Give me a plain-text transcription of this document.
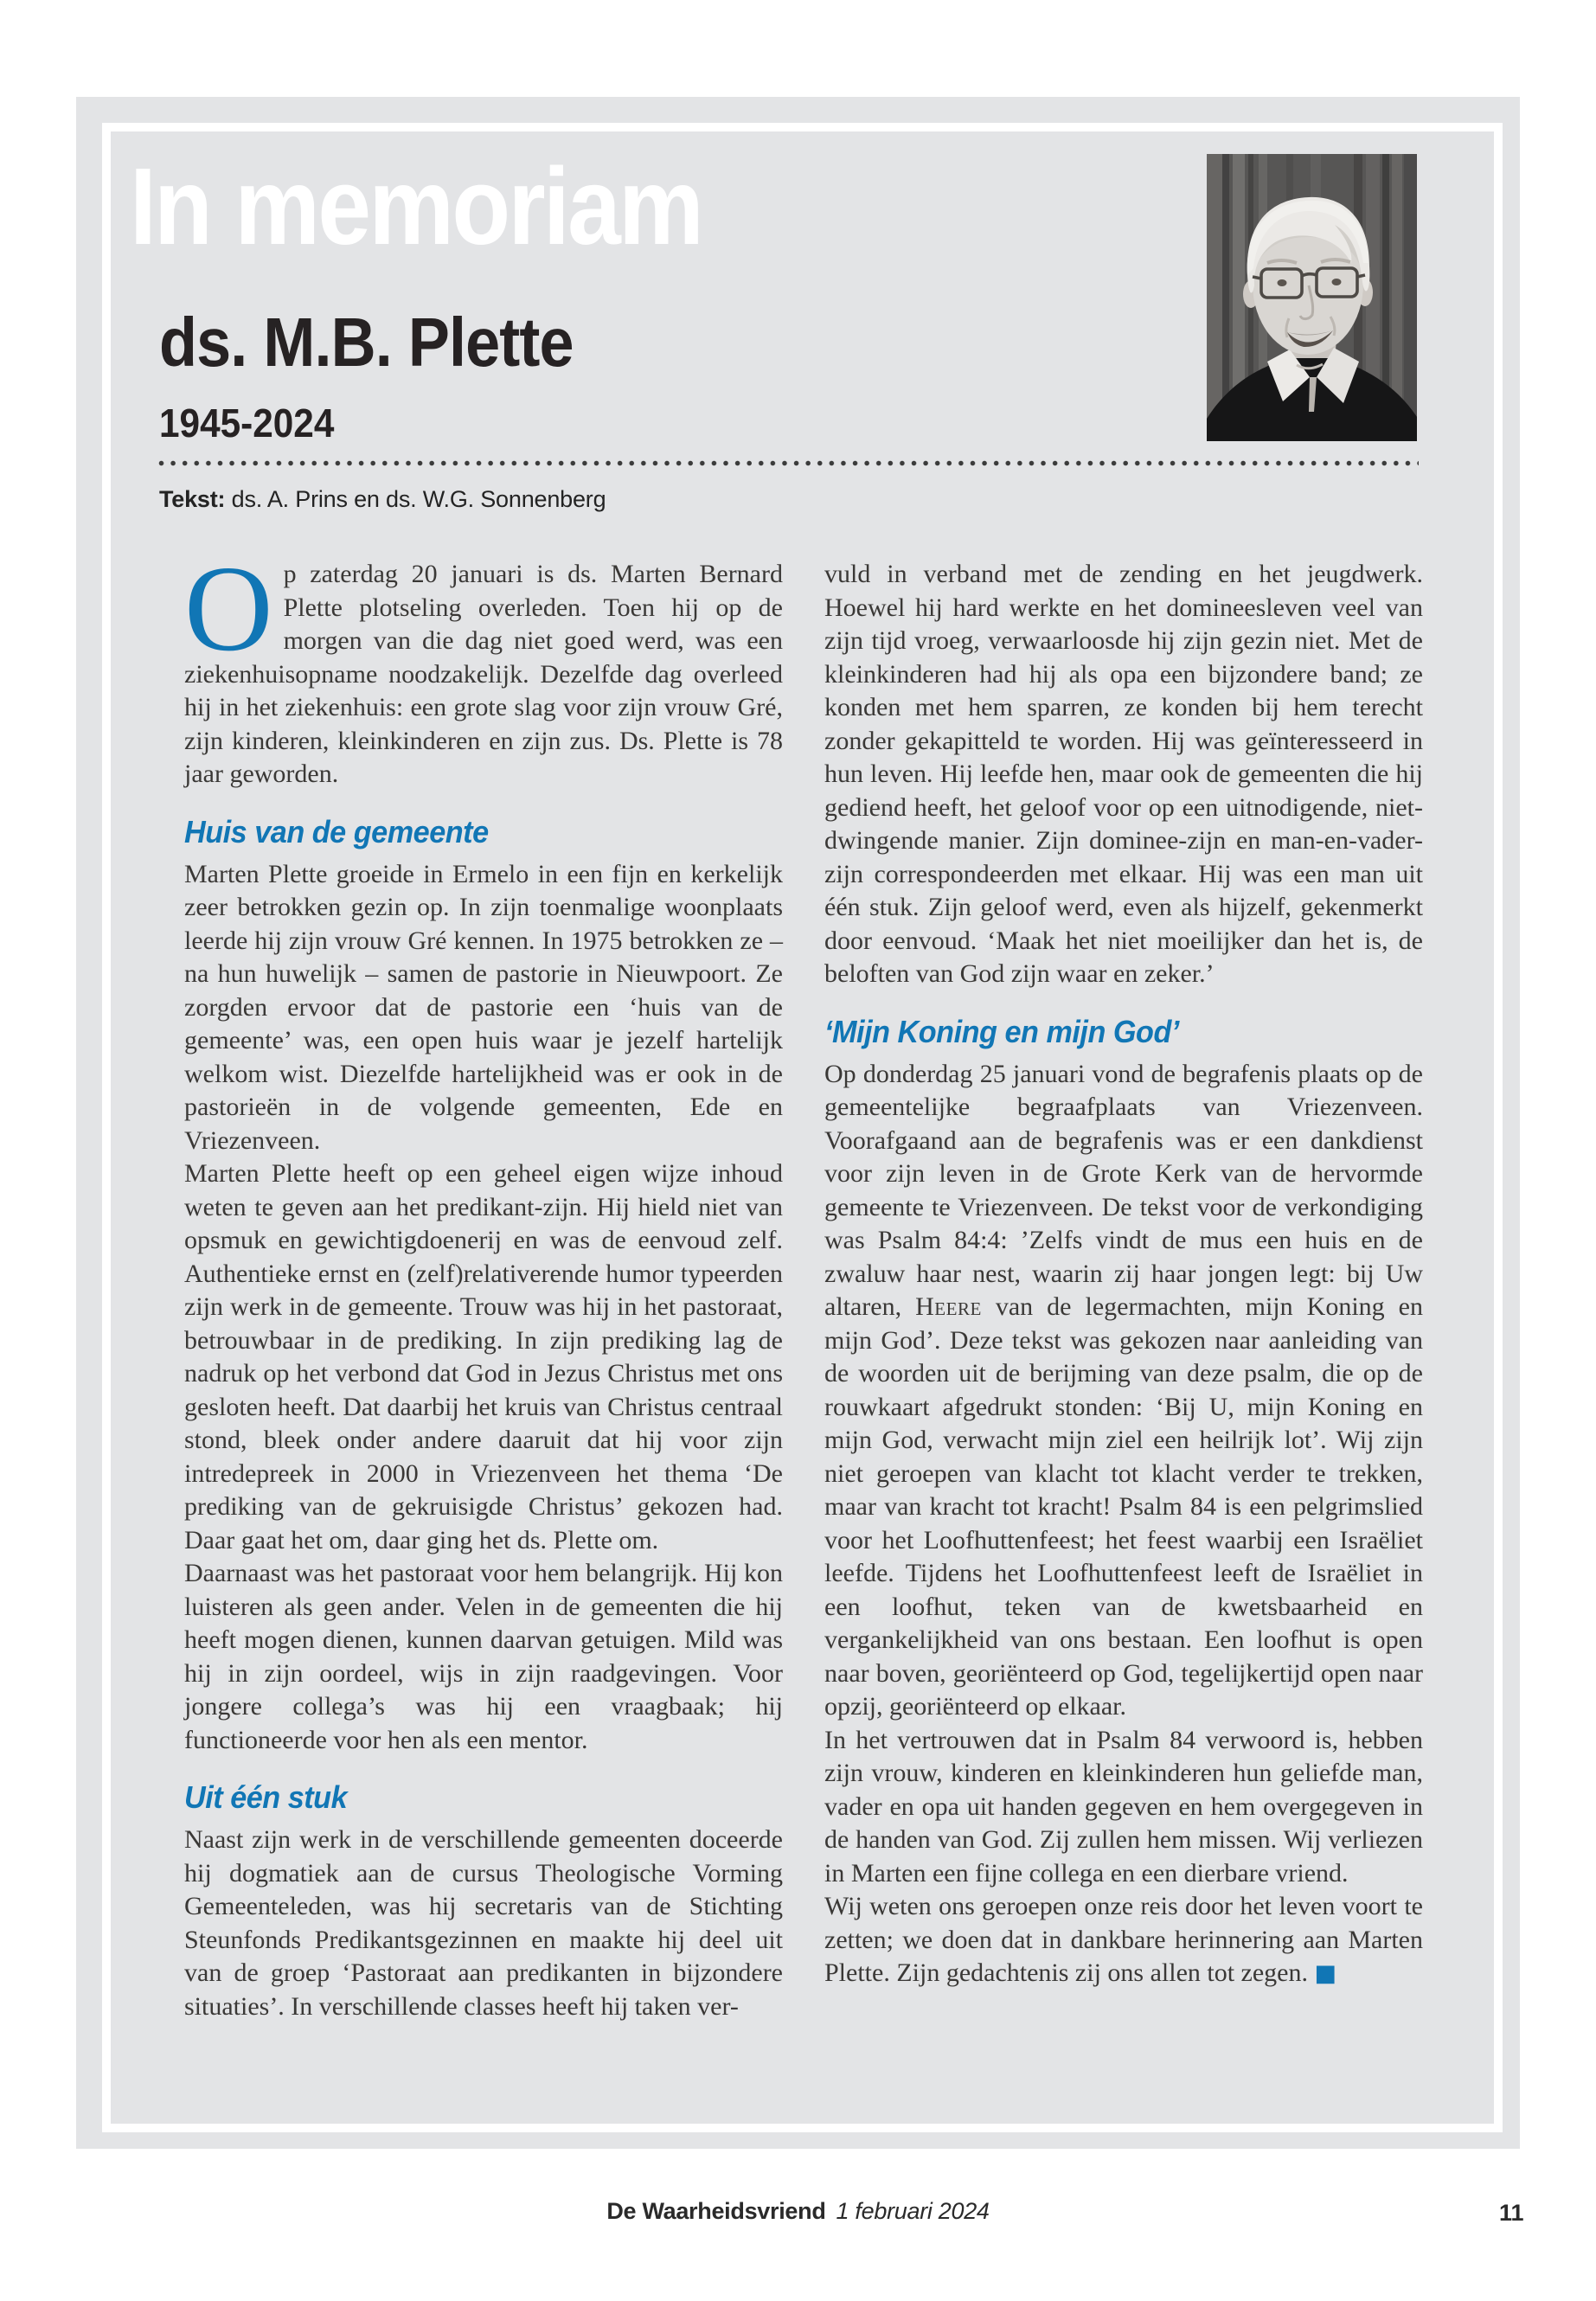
In memoriam
ds. M.B. Plette
1945-2024
Tekst: ds. A. Prins en ds. W.G. Sonnenberg

Op zaterdag 20 januari is ds. Marten Bernard Plette plotseling overleden. Toen hij op de morgen van die dag niet goed werd, was een ziekenhuisopname noodzakelijk. Dezelfde dag overleed hij in het ziekenhuis: een grote slag voor zijn vrouw Gré, zijn kinderen, kleinkinderen en zijn zus. Ds. Plette is 78 jaar geworden.

Huis van de gemeente

Marten Plette groeide in Ermelo in een fijn en kerkelijk zeer betrokken gezin op. In zijn toenmalige woonplaats leerde hij zijn vrouw Gré kennen. In 1975 betrokken ze – na hun huwelijk – samen de pastorie in Nieuwpoort. Ze zorgden ervoor dat de pastorie een ‘huis van de gemeente’ was, een open huis waar je jezelf hartelijk welkom wist. Diezelfde hartelijkheid was er ook in de pastorieën in de volgende gemeenten, Ede en Vriezenveen.

Marten Plette heeft op een geheel eigen wijze inhoud weten te geven aan het predikant-zijn. Hij hield niet van opsmuk en gewichtigdoenerij en was de eenvoud zelf. Authentieke ernst en (zelf)relativerende humor typeerden zijn werk in de gemeente. Trouw was hij in het pastoraat, betrouwbaar in de prediking. In zijn prediking lag de nadruk op het verbond dat God in Jezus Christus met ons gesloten heeft. Dat daarbij het kruis van Christus centraal stond, bleek onder andere daaruit dat hij voor zijn intredepreek in 2000 in Vriezenveen het thema ‘De prediking van de gekruisigde Christus’ gekozen had. Daar gaat het om, daar ging het ds. Plette om.

Daarnaast was het pastoraat voor hem belangrijk. Hij kon luisteren als geen ander. Velen in de gemeenten die hij heeft mogen dienen, kunnen daarvan getuigen. Mild was hij in zijn oordeel, wijs in zijn raadgevingen. Voor jongere collega’s was hij een vraagbaak; hij functioneerde voor hen als een mentor.

Uit één stuk

Naast zijn werk in de verschillende gemeenten doceerde hij dogmatiek aan de cursus Theologische Vorming Gemeenteleden, was hij secretaris van de Stichting Steunfonds Predikantsgezinnen en maakte hij deel uit van de groep ‘Pastoraat aan predikanten in bijzondere situaties’. In verschillende classes heeft hij taken ver-

vuld in verband met de zending en het jeugdwerk. Hoewel hij hard werkte en het domineesleven veel van zijn tijd vroeg, verwaarloosde hij zijn gezin niet. Met de kleinkinderen had hij als opa een bijzondere band; ze konden met hem sparren, ze konden bij hem terecht zonder gekapitteld te worden. Hij was geïnteresseerd in hun leven. Hij leefde hen, maar ook de gemeenten die hij gediend heeft, het geloof voor op een uitnodigende, niet-dwingende manier. Zijn dominee-zijn en man-en-vader-zijn correspondeerden met elkaar. Hij was een man uit één stuk. Zijn geloof werd, even als hijzelf, gekenmerkt door eenvoud. ‘Maak het niet moeilijker dan het is, de beloften van God zijn waar en zeker.’

‘Mijn Koning en mijn God’

Op donderdag 25 januari vond de begrafenis plaats op de gemeentelijke begraafplaats van Vriezenveen. Voorafgaand aan de begrafenis was er een dankdienst voor zijn leven in de Grote Kerk van de hervormde gemeente te Vriezenveen. De tekst voor de verkondiging was Psalm 84:4: ’Zelfs vindt de mus een huis en de zwaluw haar nest, waarin zij haar jongen legt: bij Uw altaren, Heere van de legermachten, mijn Koning en mijn God’. Deze tekst was gekozen naar aanleiding van de woorden uit de berijming van deze psalm, die op de rouwkaart afgedrukt stonden: ‘Bij U, mijn Koning en mijn God, verwacht mijn ziel een heilrijk lot’. Wij zijn niet geroepen van klacht tot klacht verder te trekken, maar van kracht tot kracht! Psalm 84 is een pelgrimslied voor het Loofhuttenfeest; het feest waarbij een Israëliet leefde. Tijdens het Loofhuttenfeest leeft de Israëliet in een loofhut, teken van de kwetsbaarheid en vergankelijkheid van ons bestaan. Een loofhut is open naar boven, georiënteerd op God, tegelijkertijd open naar opzij, georiënteerd op elkaar.

In het vertrouwen dat in Psalm 84 verwoord is, hebben zijn vrouw, kinderen en kleinkinderen hun geliefde man, vader en opa uit handen gegeven en hem overgegeven in de handen van God. Zij zullen hem missen. Wij verliezen in Marten een fijne collega en een dierbare vriend.

Wij weten ons geroepen onze reis door het leven voort te zetten; we doen dat in dankbare herinnering aan Marten Plette. Zijn gedachtenis zij ons allen tot zegen. ■

De Waarheidsvriend 1 februari 2024	11
